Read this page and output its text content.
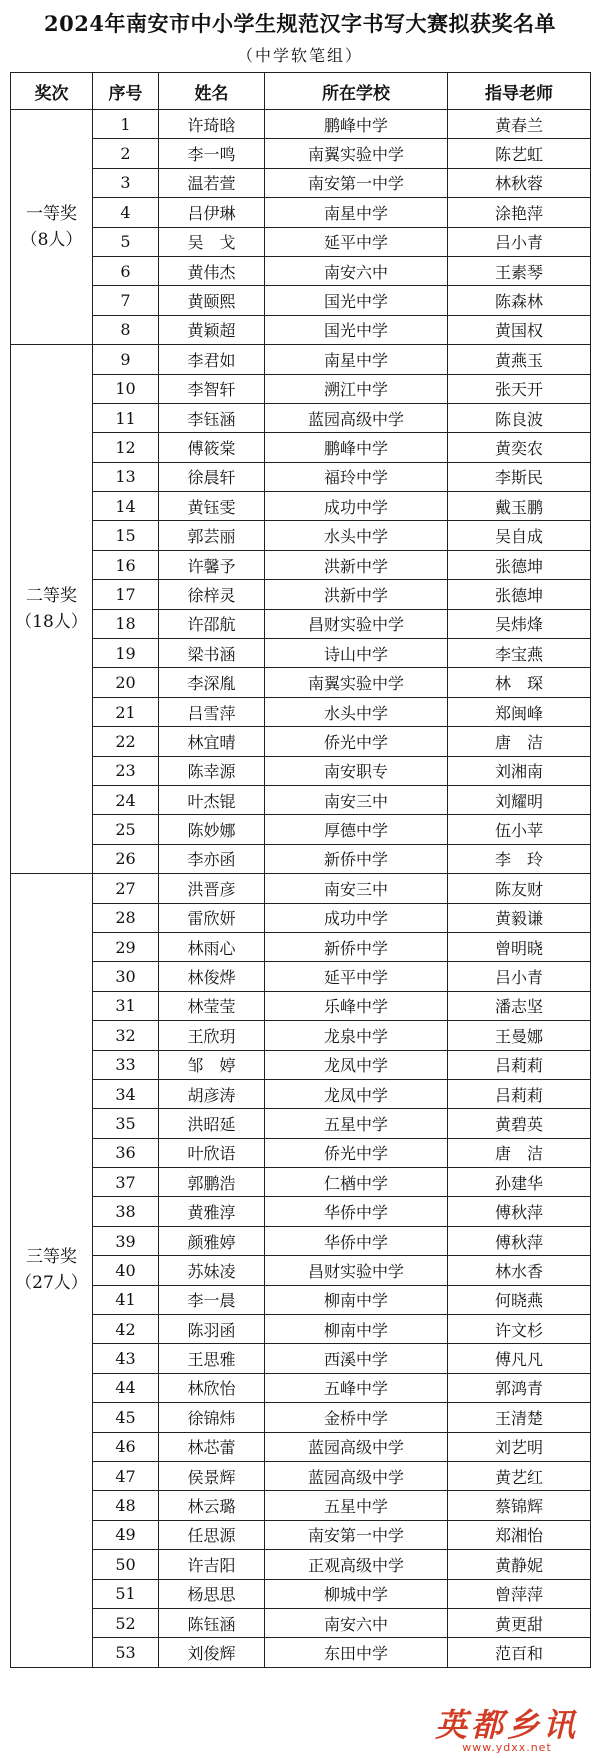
2024年南安市中小学生规范汉字书写大赛拟获奖名单
（中学软笔组）
奖次	序号	姓名	所在学校	指导老师

一等奖
（8人）	1	许琦晗	鹏峰中学	黄春兰
	2	李一鸣	南翼实验中学	陈艺虹
	3	温若萱	南安第一中学	林秋蓉
	4	吕伊琳	南星中学	涂艳萍
	5	吴　戈	延平中学	吕小青
	6	黄伟杰	南安六中	王素琴
	7	黄颐熙	国光中学	陈森林
	8	黄颖超	国光中学	黄国权

二等奖
（18人）	9	李君如	南星中学	黄燕玉
	10	李智轩	溯江中学	张天开
	11	李钰涵	蓝园高级中学	陈良波
	12	傅筱棠	鹏峰中学	黄奕农
	13	徐晨轩	福玲中学	李斯民
	14	黄钰雯	成功中学	戴玉鹏
	15	郭芸丽	水头中学	吴自成
	16	许馨予	洪新中学	张德坤
	17	徐梓灵	洪新中学	张德坤
	18	许邵航	昌财实验中学	吴炜烽
	19	梁书涵	诗山中学	李宝燕
	20	李深胤	南翼实验中学	林　琛
	21	吕雪萍	水头中学	郑闽峰
	22	林宜晴	侨光中学	唐　洁
	23	陈幸源	南安职专	刘湘南
	24	叶杰锟	南安三中	刘耀明
	25	陈妙娜	厚德中学	伍小苹
	26	李亦函	新侨中学	李　玲

三等奖
（27人）	27	洪晋彦	南安三中	陈友财
	28	雷欣妍	成功中学	黄毅谦
	29	林雨心	新侨中学	曾明晓
	30	林俊烨	延平中学	吕小青
	31	林莹莹	乐峰中学	潘志坚
	32	王欣玥	龙泉中学	王曼娜
	33	邹　婷	龙凤中学	吕莉莉
	34	胡彦涛	龙凤中学	吕莉莉
	35	洪昭延	五星中学	黄碧英
	36	叶欣语	侨光中学	唐　洁
	37	郭鹏浩	仁楢中学	孙建华
	38	黄雅淳	华侨中学	傅秋萍
	39	颜雅婷	华侨中学	傅秋萍
	40	苏妹凌	昌财实验中学	林水香
	41	李一晨	柳南中学	何晓燕
	42	陈羽函	柳南中学	许文杉
	43	王思雅	西溪中学	傅凡凡
	44	林欣怡	五峰中学	郭鸿青
	45	徐锦炜	金桥中学	王清楚
	46	林芯蕾	蓝园高级中学	刘艺明
	47	侯景辉	蓝园高级中学	黄艺红
	48	林云璐	五星中学	蔡锦辉
	49	任思源	南安第一中学	郑湘怡
	50	许吉阳	正观高级中学	黄静妮
	51	杨思思	柳城中学	曾萍萍
	52	陈钰涵	南安六中	黄更甜
	53	刘俊辉	东田中学	范百和
英都乡讯
www.ydxx.net
